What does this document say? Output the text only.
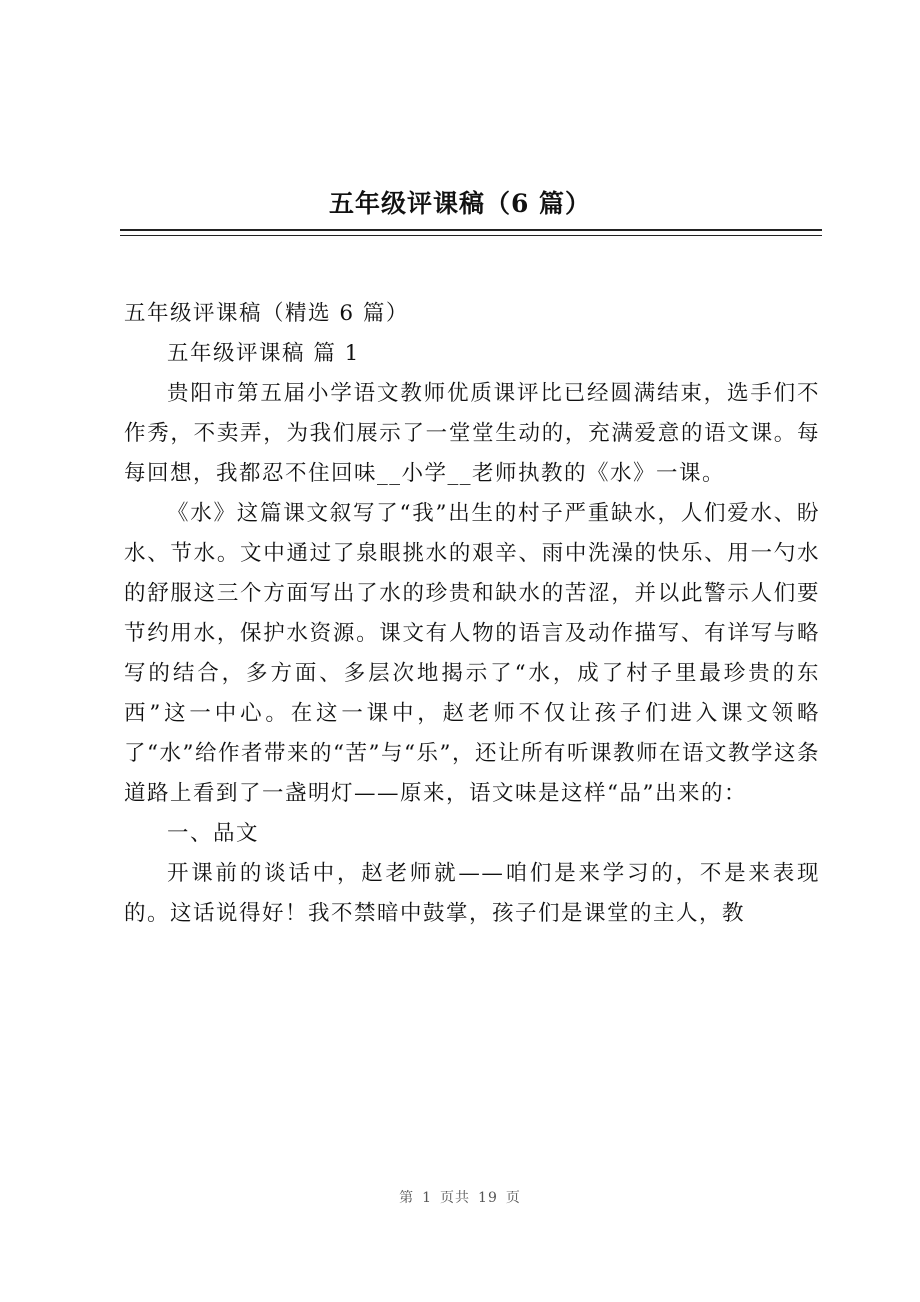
五年级评课稿（6 篇）

五年级评课稿（精选 6 篇）

五年级评课稿 篇 1

贵阳市第五届小学语文教师优质课评比已经圆满结束，选手们不作秀，不卖弄，为我们展示了一堂堂生动的，充满爱意的语文课。每每回想，我都忍不住回味__小学__老师执教的《水》一课。

《水》这篇课文叙写了“我”出生的村子严重缺水，人们爱水、盼水、节水。文中通过了泉眼挑水的艰辛、雨中洗澡的快乐、用一勺水的舒服这三个方面写出了水的珍贵和缺水的苦涩，并以此警示人们要节约用水，保护水资源。课文有人物的语言及动作描写、有详写与略写的结合，多方面、多层次地揭示了“水，成了村子里最珍贵的东西”这一中心。在这一课中，赵老师不仅让孩子们进入课文领略了“水”给作者带来的“苦”与“乐”，还让所有听课教师在语文教学这条道路上看到了一盏明灯——原来，语文味是这样“品”出来的：

一、品文

开课前的谈话中，赵老师就——咱们是来学习的，不是来表现的。这话说得好！我不禁暗中鼓掌，孩子们是课堂的主人，教

第 1 页共 19 页
